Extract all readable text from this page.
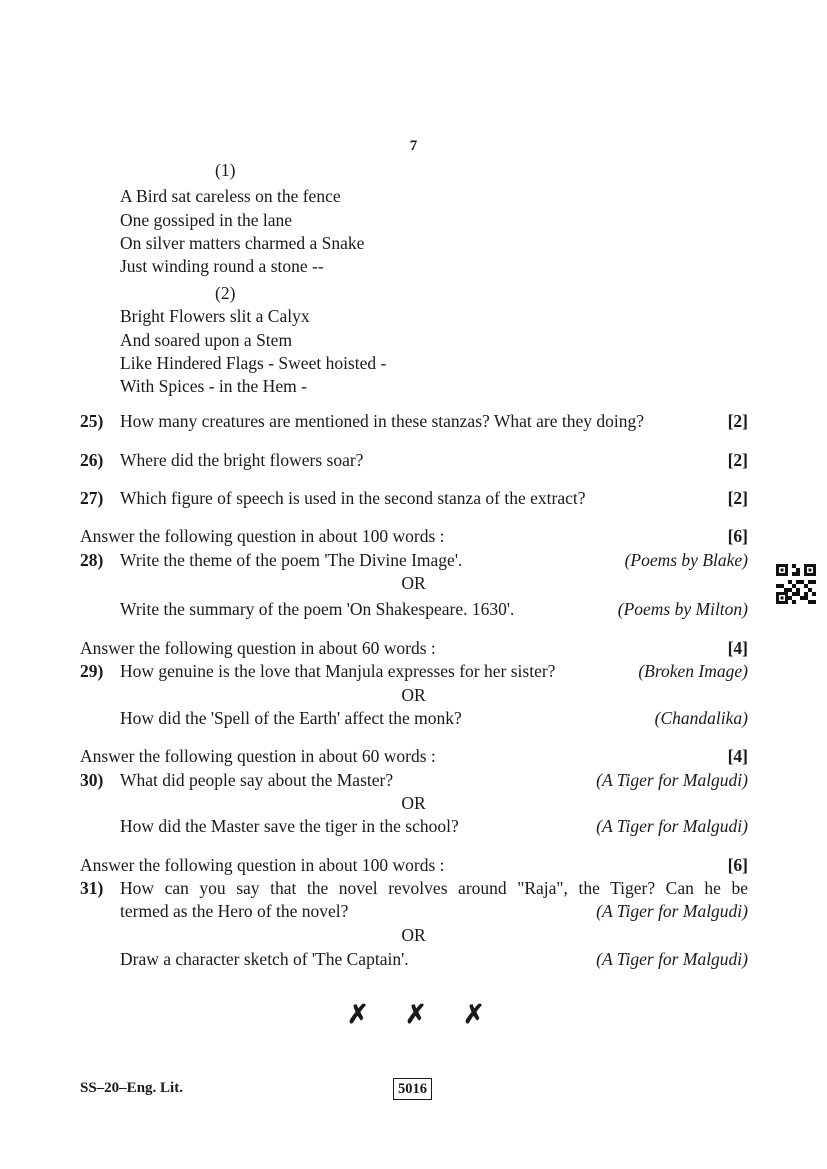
7
(1)
A Bird sat careless on the fence
One gossiped in the lane
On silver matters charmed a Snake
Just winding round a stone --
(2)
Bright Flowers slit a Calyx
And soared upon a Stem
Like Hindered Flags - Sweet hoisted -
With Spices - in the Hem -
25) How many creatures are mentioned in these stanzas? What are they doing?	[2]
26) Where did the bright flowers soar?	[2]
27) Which figure of speech is used in the second stanza of the extract?	[2]
Answer the following question in about 100 words :	[6]
28) Write the theme of the poem 'The Divine Image'.	(Poems by Blake)
OR
Write the summary of the poem 'On Shakespeare. 1630'.	(Poems by Milton)
Answer the following question in about 60 words :	[4]
29) How genuine is the love that Manjula expresses for her sister?	(Broken Image)
OR
How did the 'Spell of the Earth' affect the monk?	(Chandalika)
Answer the following question in about 60 words :	[4]
30) What did people say about the Master?	(A Tiger for Malgudi)
OR
How did the Master save the tiger in the school?	(A Tiger for Malgudi)
Answer the following question in about 100 words :	[6]
31) How can you say that the novel revolves around "Raja", the Tiger? Can he be
termed as the Hero of the novel?	(A Tiger for Malgudi)
OR
Draw a character sketch of 'The Captain'.	(A Tiger for Malgudi)
✗ ✗ ✗
SS–20–Eng. Lit.	5016
